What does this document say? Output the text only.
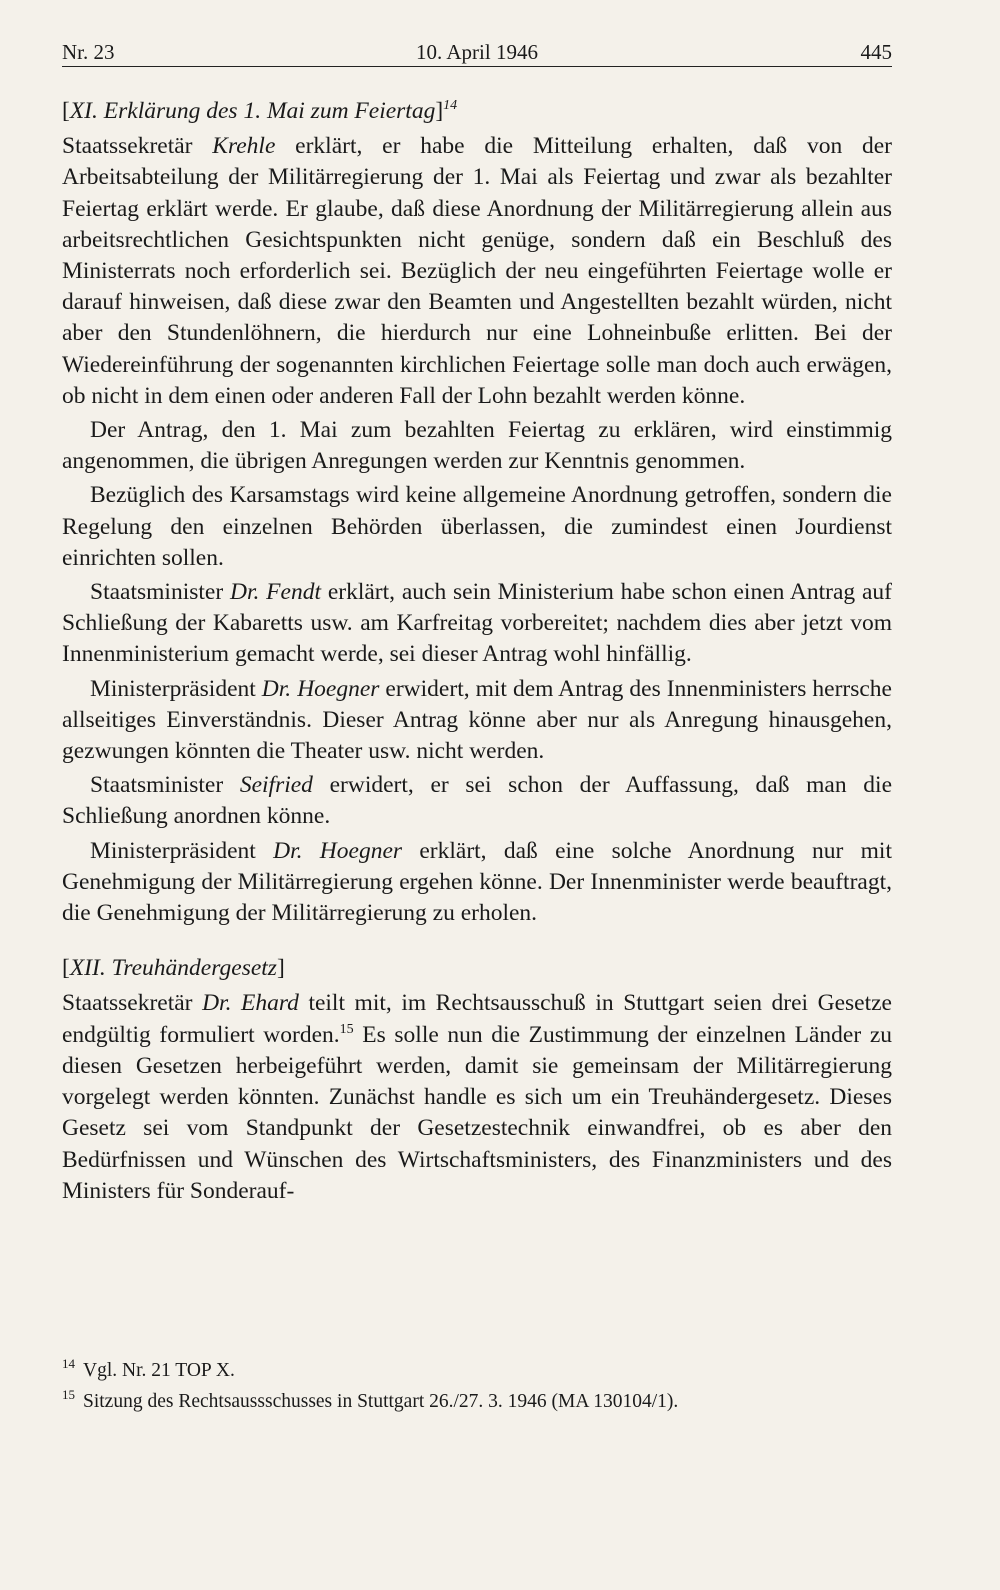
Nr. 23	10. April 1946	445
[XI. Erklärung des 1. Mai zum Feiertag]$^{14}$

Staatssekretär Krehle erklärt, er habe die Mitteilung erhalten, daß von der Arbeitsabteilung der Militärregierung der 1. Mai als Feiertag und zwar als bezahlter Feiertag erklärt werde. Er glaube, daß diese Anordnung der Militärregierung allein aus arbeitsrechtlichen Gesichtspunkten nicht genüge, sondern daß ein Beschluß des Ministerrats noch erforderlich sei. Bezüglich der neu eingeführten Feiertage wolle er darauf hinweisen, daß diese zwar den Beamten und Angestellten bezahlt würden, nicht aber den Stundenlöhnern, die hierdurch nur eine Lohneinbuße erlitten. Bei der Wiedereinführung der sogenannten kirchlichen Feiertage solle man doch auch erwägen, ob nicht in dem einen oder anderen Fall der Lohn bezahlt werden könne.

Der Antrag, den 1. Mai zum bezahlten Feiertag zu erklären, wird einstimmig angenommen, die übrigen Anregungen werden zur Kenntnis genommen.

Bezüglich des Karsamstags wird keine allgemeine Anordnung getroffen, sondern die Regelung den einzelnen Behörden überlassen, die zumindest einen Jourdienst einrichten sollen.

Staatsminister Dr. Fendt erklärt, auch sein Ministerium habe schon einen Antrag auf Schließung der Kabaretts usw. am Karfreitag vorbereitet; nachdem dies aber jetzt vom Innenministerium gemacht werde, sei dieser Antrag wohl hinfällig.

Ministerpräsident Dr. Hoegner erwidert, mit dem Antrag des Innenministers herrsche allseitiges Einverständnis. Dieser Antrag könne aber nur als Anregung hinausgehen, gezwungen könnten die Theater usw. nicht werden.

Staatsminister Seifried erwidert, er sei schon der Auffassung, daß man die Schließung anordnen könne.

Ministerpräsident Dr. Hoegner erklärt, daß eine solche Anordnung nur mit Genehmigung der Militärregierung ergehen könne. Der Innenminister werde beauftragt, die Genehmigung der Militärregierung zu erholen.

[XII. Treuhändergesetz]

Staatssekretär Dr. Ehard teilt mit, im Rechtsausschuß in Stuttgart seien drei Gesetze endgültig formuliert worden.$^{15}$ Es solle nun die Zustimmung der einzelnen Länder zu diesen Gesetzen herbeigeführt werden, damit sie gemeinsam der Militärregierung vorgelegt werden könnten. Zunächst handle es sich um ein Treuhändergesetz. Dieses Gesetz sei vom Standpunkt der Gesetzestechnik einwandfrei, ob es aber den Bedürfnissen und Wünschen des Wirtschaftsministers, des Finanzministers und des Ministers für Sonderauf-

$^{14}$ Vgl. Nr. 21 TOP X.
$^{15}$ Sitzung des Rechtsaussschusses in Stuttgart 26./27. 3. 1946 (MA 130104/1).
